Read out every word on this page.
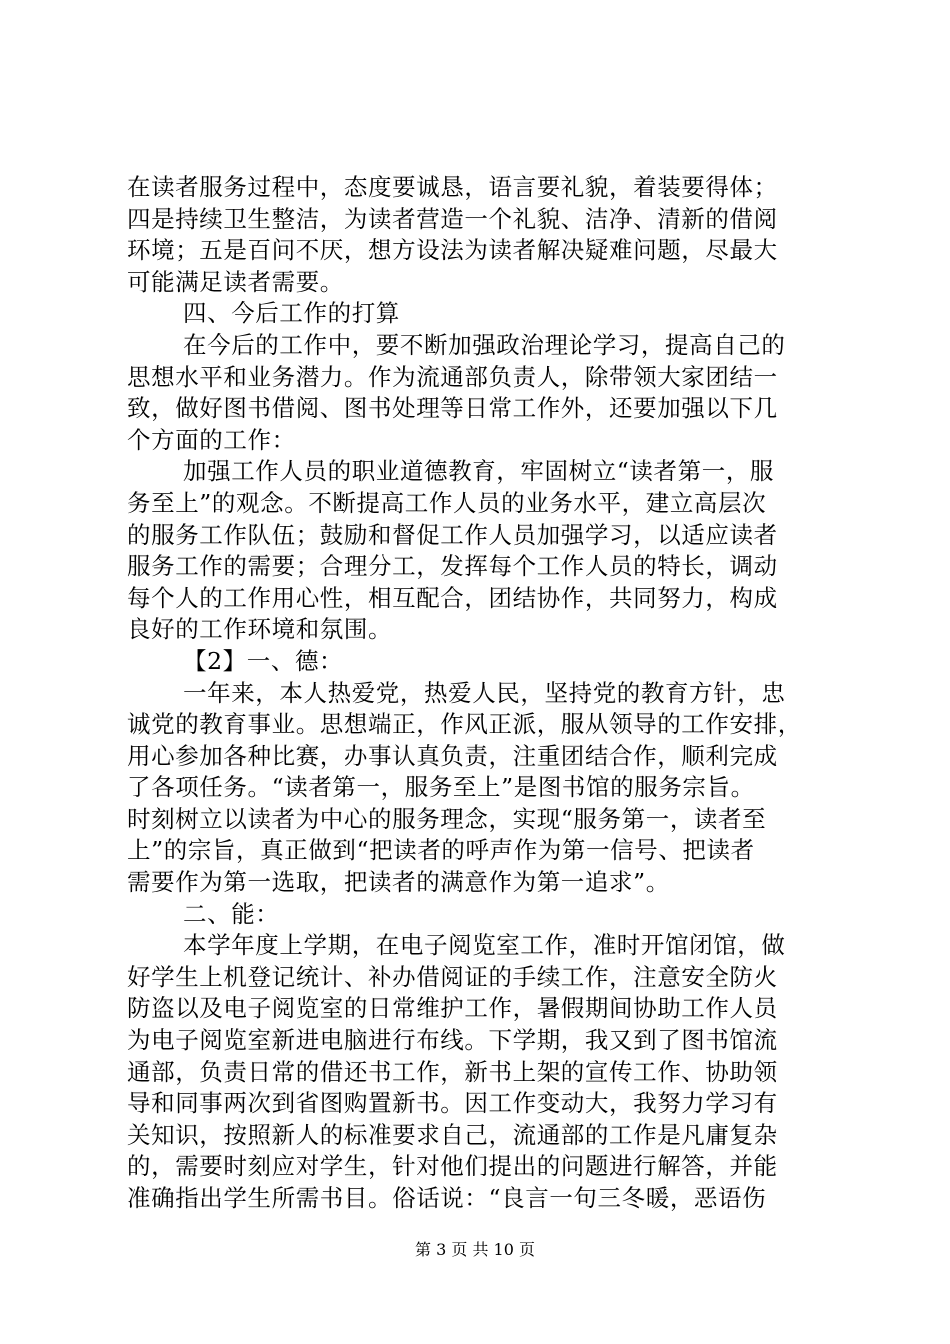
在读者服务过程中，态度要诚恳，语言要礼貌，着装要得体；
四是持续卫生整洁，为读者营造一个礼貌、洁净、清新的借阅
环境；五是百问不厌，想方设法为读者解决疑难问题，尽最大
可能满足读者需要。
四、今后工作的打算
在今后的工作中，要不断加强政治理论学习，提高自己的
思想水平和业务潜力。作为流通部负责人，除带领大家团结一
致，做好图书借阅、图书处理等日常工作外，还要加强以下几
个方面的工作：
加强工作人员的职业道德教育，牢固树立“读者第一，服
务至上”的观念。不断提高工作人员的业务水平，建立高层次
的服务工作队伍；鼓励和督促工作人员加强学习，以适应读者
服务工作的需要；合理分工，发挥每个工作人员的特长，调动
每个人的工作用心性，相互配合，团结协作，共同努力，构成
良好的工作环境和氛围。
【2】一、德：
一年来，本人热爱党，热爱人民，坚持党的教育方针，忠
诚党的教育事业。思想端正，作风正派，服从领导的工作安排，
用心参加各种比赛，办事认真负责，注重团结合作，顺利完成
了各项任务。“读者第一，服务至上”是图书馆的服务宗旨。
时刻树立以读者为中心的服务理念，实现“服务第一，读者至
上”的宗旨，真正做到“把读者的呼声作为第一信号、把读者
需要作为第一选取，把读者的满意作为第一追求”。
二、能：
本学年度上学期，在电子阅览室工作，准时开馆闭馆，做
好学生上机登记统计、补办借阅证的手续工作，注意安全防火
防盗以及电子阅览室的日常维护工作，暑假期间协助工作人员
为电子阅览室新进电脑进行布线。下学期，我又到了图书馆流
通部，负责日常的借还书工作，新书上架的宣传工作、协助领
导和同事两次到省图购置新书。因工作变动大，我努力学习有
关知识，按照新人的标准要求自己，流通部的工作是凡庸复杂
的，需要时刻应对学生，针对他们提出的问题进行解答，并能
准确指出学生所需书目。俗话说：“良言一句三冬暖，恶语伤
第 3 页 共 10 页
